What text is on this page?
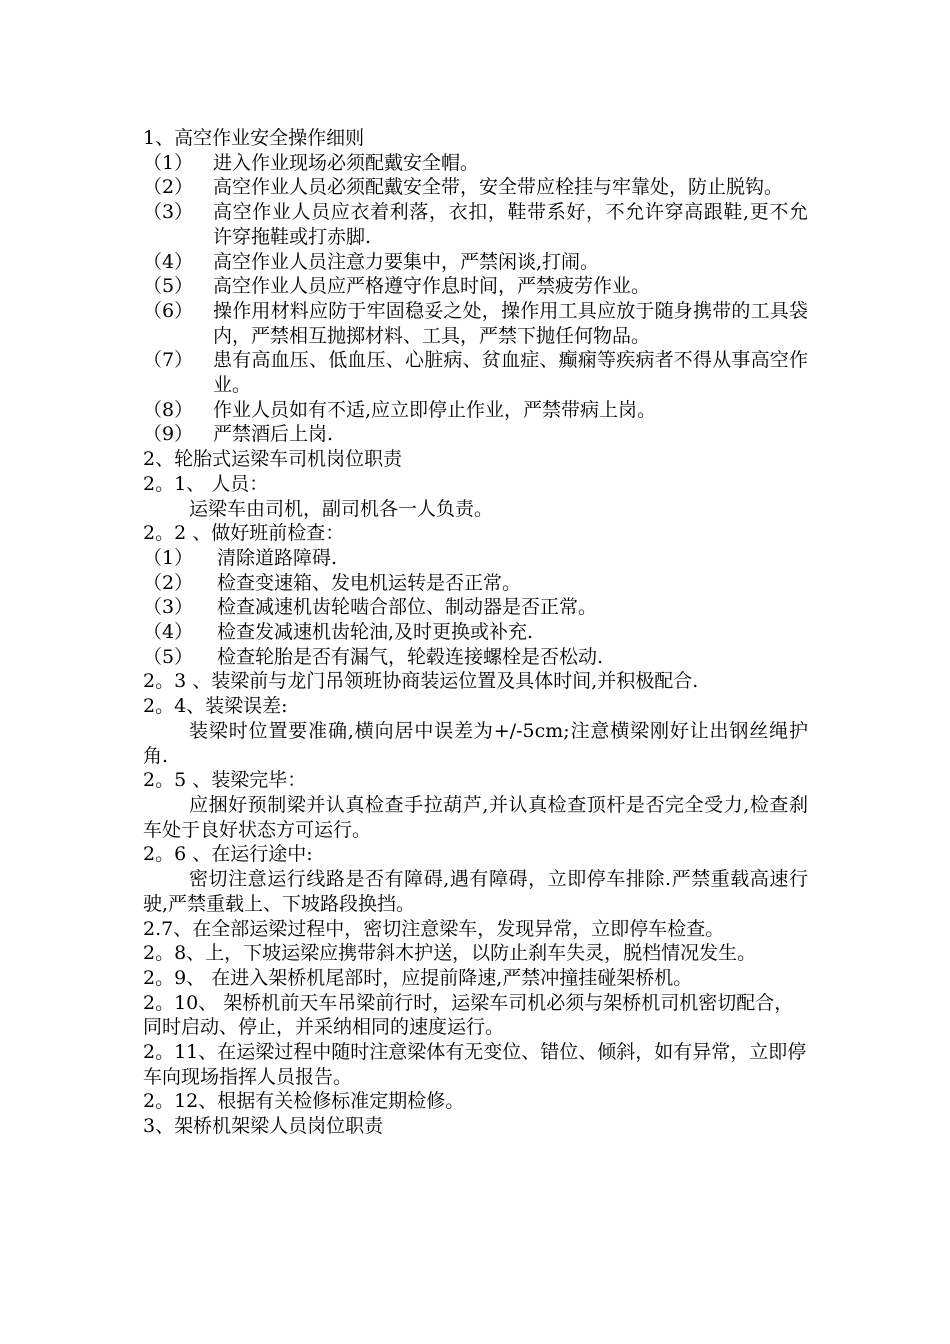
1、高空作业安全操作细则

（1）	进入作业现场必须配戴安全帽。
（2）	高空作业人员必须配戴安全带，安全带应栓挂与牢靠处，防止脱钩。
（3）	高空作业人员应衣着利落，衣扣，鞋带系好，不允许穿高跟鞋,更不允许穿拖鞋或打赤脚.
（4）	高空作业人员注意力要集中，严禁闲谈,打闹。
（5）	高空作业人员应严格遵守作息时间，严禁疲劳作业。
（6）	操作用材料应防于牢固稳妥之处，操作用工具应放于随身携带的工具袋内，严禁相互抛掷材料、工具，严禁下抛任何物品。
（7）	患有高血压、低血压、心脏病、贫血症、癫痫等疾病者不得从事高空作业。
（8）	作业人员如有不适,应立即停止作业，严禁带病上岗。
（9）	严禁酒后上岗.

2、轮胎式运梁车司机岗位职责

2。1、 人员：

运梁车由司机，副司机各一人负责。

2。2 、做好班前检查：

（1）	清除道路障碍.
（2）	检查变速箱、发电机运转是否正常。
（3）	检查减速机齿轮啮合部位、制动器是否正常。
（4）	检查发减速机齿轮油,及时更换或补充.
（5）	检查轮胎是否有漏气，轮毂连接螺栓是否松动.

2。3 、装梁前与龙门吊领班协商装运位置及具体时间,并积极配合.

2。4、装梁误差:

装梁时位置要准确,横向居中误差为+/-5cm;注意横梁刚好让出钢丝绳护角.

2。5 、装梁完毕：

应捆好预制梁并认真检查手拉葫芦,并认真检查顶杆是否完全受力,检查刹车处于良好状态方可运行。

2。6 、在运行途中:

密切注意运行线路是否有障碍,遇有障碍，立即停车排除.严禁重载高速行驶,严禁重载上、下坡路段换挡。

2.7、在全部运梁过程中，密切注意梁车，发现异常，立即停车检查。

2。8、上，下坡运梁应携带斜木护送，以防止刹车失灵，脱档情况发生。

2。9、 在进入架桥机尾部时，应提前降速,严禁冲撞挂碰架桥机。

2。10、 架桥机前天车吊梁前行时，运梁车司机必须与架桥机司机密切配合，同时启动、停止，并采纳相同的速度运行。

2。11、在运梁过程中随时注意梁体有无变位、错位、倾斜，如有异常，立即停车向现场指挥人员报告。

2。12、根据有关检修标准定期检修。

3、架桥机架梁人员岗位职责
